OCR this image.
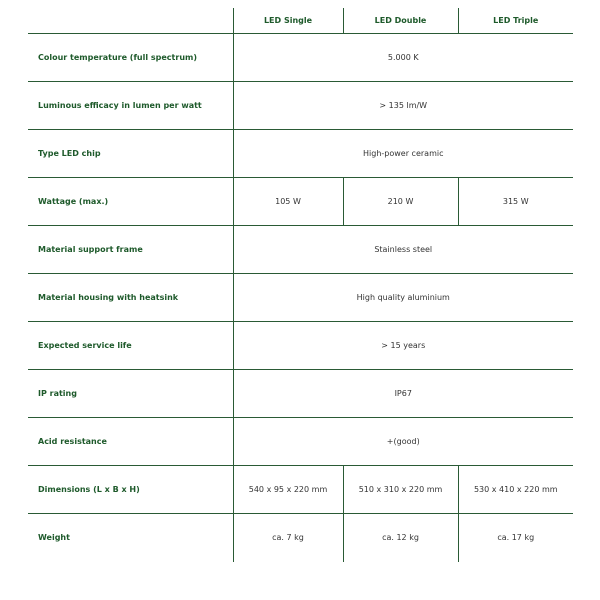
	LED Single	LED Double	LED Triple
Colour temperature (full spectrum)	5.000 K		
Luminous efficacy in lumen per watt	> 135 lm/W		
Type LED chip	High-power ceramic		
Wattage (max.)	105 W	210 W	315 W
Material support frame	Stainless steel		
Material housing with heatsink	High quality aluminium		
Expected service life	> 15 years		
IP rating	IP67		
Acid resistance	+(good)		
Dimensions (L x B x H)	540 x 95 x 220 mm	510 x 310 x 220 mm	530 x 410 x 220 mm
Weight	ca. 7 kg	ca. 12 kg	ca. 17 kg
